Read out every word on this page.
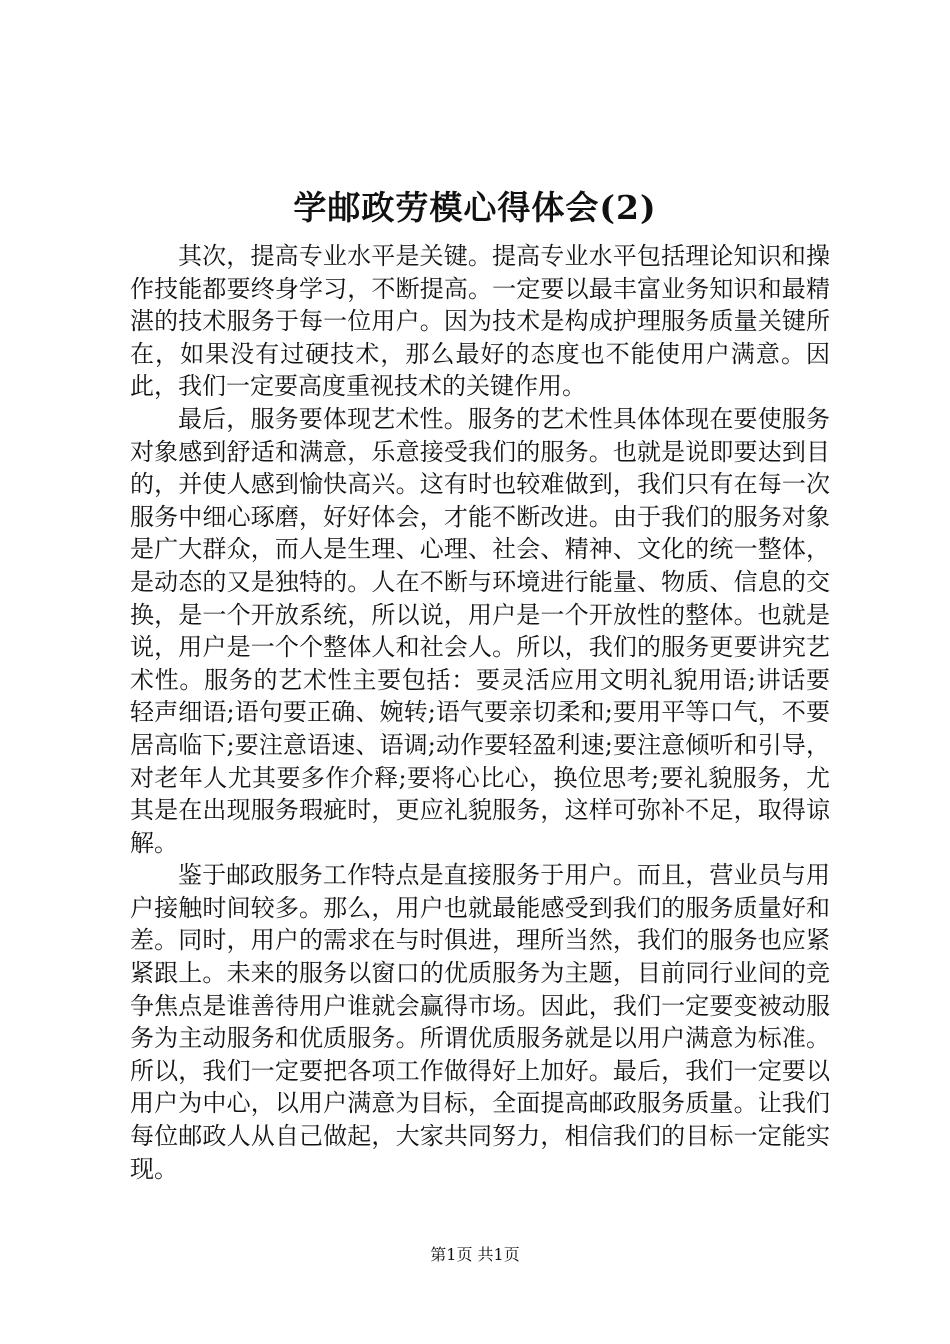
学邮政劳模心得体会(2)

其次，提高专业水平是关键。提高专业水平包括理论知识和操作技能都要终身学习，不断提高。一定要以最丰富业务知识和最精湛的技术服务于每一位用户。因为技术是构成护理服务质量关键所在，如果没有过硬技术，那么最好的态度也不能使用户满意。因此，我们一定要高度重视技术的关键作用。

最后，服务要体现艺术性。服务的艺术性具体体现在要使服务对象感到舒适和满意，乐意接受我们的服务。也就是说即要达到目的，并使人感到愉快高兴。这有时也较难做到，我们只有在每一次服务中细心琢磨，好好体会，才能不断改进。由于我们的服务对象是广大群众，而人是生理、心理、社会、精神、文化的统一整体，是动态的又是独特的。人在不断与环境进行能量、物质、信息的交换，是一个开放系统，所以说，用户是一个开放性的整体。也就是说，用户是一个个整体人和社会人。所以，我们的服务更要讲究艺术性。服务的艺术性主要包括：要灵活应用文明礼貌用语;讲话要轻声细语;语句要正确、婉转;语气要亲切柔和;要用平等口气，不要居高临下;要注意语速、语调;动作要轻盈利速;要注意倾听和引导，对老年人尤其要多作介释;要将心比心，换位思考;要礼貌服务，尤其是在出现服务瑕疵时，更应礼貌服务，这样可弥补不足，取得谅解。

鉴于邮政服务工作特点是直接服务于用户。而且，营业员与用户接触时间较多。那么，用户也就最能感受到我们的服务质量好和差。同时，用户的需求在与时俱进，理所当然，我们的服务也应紧紧跟上。未来的服务以窗口的优质服务为主题，目前同行业间的竞争焦点是谁善待用户谁就会赢得市场。因此，我们一定要变被动服务为主动服务和优质服务。所谓优质服务就是以用户满意为标准。所以，我们一定要把各项工作做得好上加好。最后，我们一定要以用户为中心，以用户满意为目标，全面提高邮政服务质量。让我们每位邮政人从自己做起，大家共同努力，相信我们的目标一定能实现。

第1页 共1页
